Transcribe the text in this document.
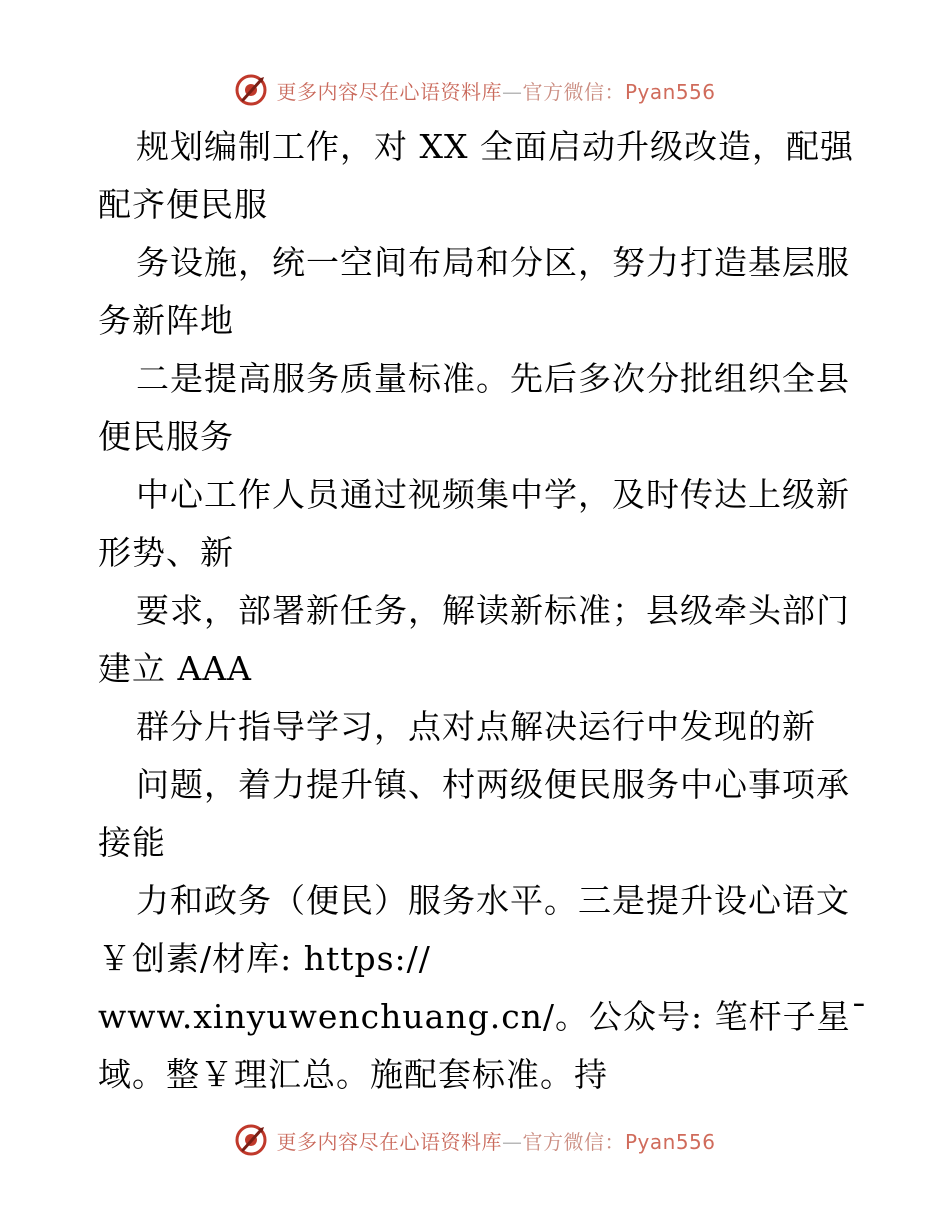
更多内容尽在心语资料库—官方微信：Pyan556
规划编制工作，对 XX 全面启动升级改造，配强
配齐便民服
务设施，统一空间布局和分区，努力打造基层服
务新阵地
二是提高服务质量标准。先后多次分批组织全县
便民服务
中心工作人员通过视频集中学，及时传达上级新
形势、新
要求，部署新任务，解读新标准；县级牵头部门
建立 AAA
群分片指导学习，点对点解决运行中发现的新
问题，着力提升镇、村两级便民服务中心事项承
接能
力和政务（便民）服务水平。三是提升设心语文
￥创素/材库: https://
www.xinyuwenchuang.cn/。公众号: 笔杆子星¯
域。整￥理汇总。施配套标准。持
更多内容尽在心语资料库—官方微信：Pyan556
